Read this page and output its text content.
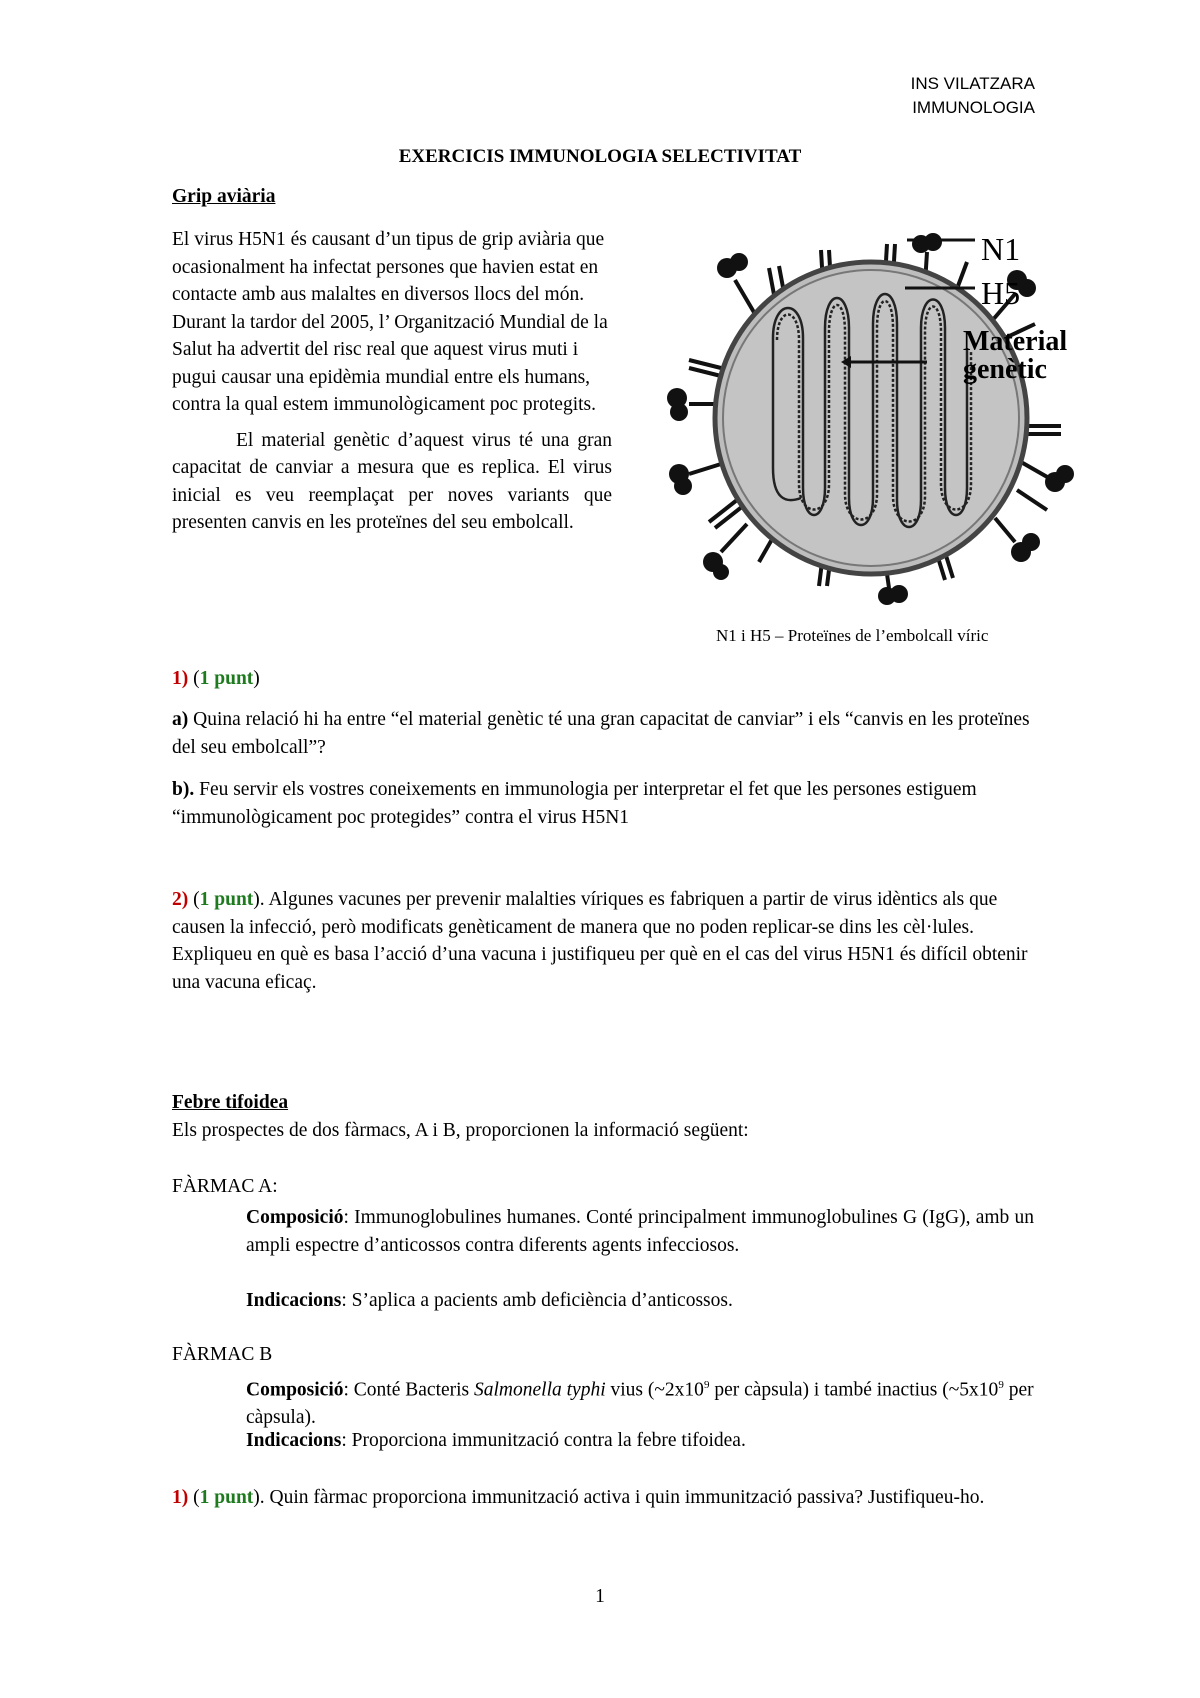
INS VILATZARA
IMMUNOLOGIA
EXERCICIS IMMUNOLOGIA SELECTIVITAT
Grip aviària

El virus H5N1 és causant d’un tipus de grip aviària que ocasionalment ha infectat persones que havien estat en contacte amb aus malaltes en diversos llocs del món. Durant la tardor del 2005, l’ Organització Mundial de la Salut ha advertit del risc real que aquest virus muti i pugui causar una epidèmia mundial entre els humans, contra la qual estem immunològicament poc protegits.

El material genètic d’aquest virus té una gran capacitat de canviar a mesura que es replica. El virus inicial es veu reemplaçat per noves variants que presenten canvis en les proteïnes del seu embolcall.

N1
H5
Material
genètic
N1 i H5 – Proteïnes de l’embolcall víric
1) (1 punt)
a) Quina relació hi ha entre “el material genètic té una gran capacitat de canviar” i els “canvis en les proteïnes del seu embolcall”?
b). Feu servir els vostres coneixements en immunologia per interpretar el fet que les persones estiguem “immunològicament poc protegides” contra el virus H5N1
2) (1 punt). Algunes vacunes per prevenir malalties víriques es fabriquen a partir de virus idèntics als que causen la infecció, però modificats genèticament de manera que no poden replicar-se dins les cèl·lules. Expliqueu en què es basa l’acció d’una vacuna i justifiqueu per què en el cas del virus H5N1 és difícil obtenir una vacuna eficaç.
Febre tifoidea
Els prospectes de dos fàrmacs, A i B, proporcionen la informació següent:
FÀRMAC A:
Composició: Immunoglobulines humanes. Conté principalment immunoglobulines G (IgG), amb un ampli espectre d’anticossos contra diferents agents infecciosos.
Indicacions: S’aplica a pacients amb deficiència d’anticossos.
FÀRMAC B
Composició: Conté Bacteris Salmonella typhi vius ($\sim 2x10^9$ per càpsula) i també inactius ($\sim 5x10^9$ per càpsula).
Indicacions: Proporciona immunització contra la febre tifoidea.
1) (1 punt). Quin fàrmac proporciona immunització activa i quin immunització passiva? Justifiqueu-ho.
1
